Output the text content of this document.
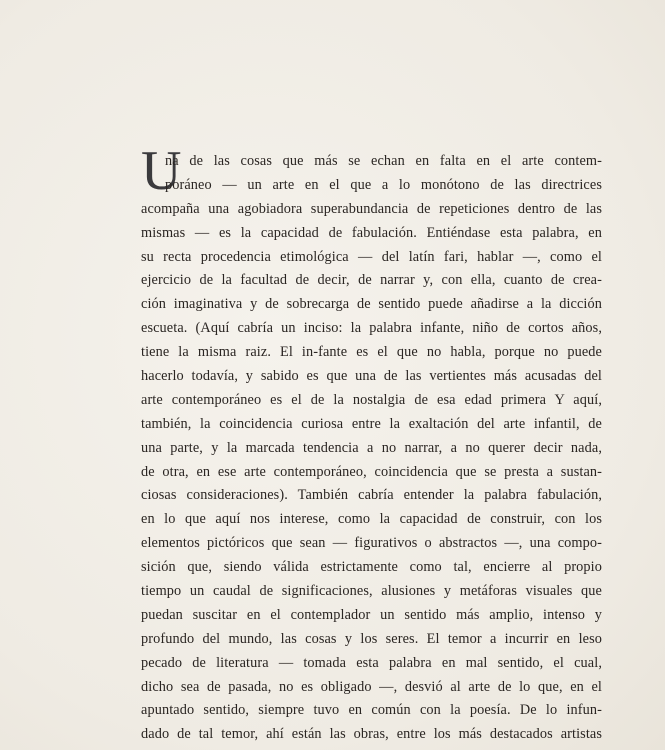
U
na de las cosas que más se echan en falta en el arte contem-
poráneo — un arte en el que a lo monótono de las directrices
acompaña una agobiadora superabundancia de repeticiones dentro de las
mismas — es la capacidad de fabulación. Entiéndase esta palabra, en
su recta procedencia etimológica — del latín fari, hablar —, como el
ejercicio de la facultad de decir, de narrar y, con ella, cuanto de crea-
ción imaginativa y de sobrecarga de sentido puede añadirse a la dicción
escueta. (Aquí cabría un inciso: la palabra infante, niño de cortos años,
tiene la misma raiz. El in-fante es el que no habla, porque no puede
hacerlo todavía, y sabido es que una de las vertientes más acusadas del
arte contemporáneo es el de la nostalgia de esa edad primera Y aquí,
también, la coincidencia curiosa entre la exaltación del arte infantil, de
una parte, y la marcada tendencia a no narrar, a no querer decir nada,
de otra, en ese arte contemporáneo, coincidencia que se presta a sustan-
ciosas consideraciones). También cabría entender la palabra fabulación,
en lo que aquí nos interese, como la capacidad de construir, con los
elementos pictóricos que sean — figurativos o abstractos —, una compo-
sición que, siendo válida estrictamente como tal, encierre al propio
tiempo un caudal de significaciones, alusiones y metáforas visuales que
puedan suscitar en el contemplador un sentido más amplio, intenso y
profundo del mundo, las cosas y los seres. El temor a incurrir en leso
pecado de literatura — tomada esta palabra en mal sentido, el cual,
dicho sea de pasada, no es obligado —, desvió al arte de lo que, en el
apuntado sentido, siempre tuvo en común con la poesía. De lo infun-
dado de tal temor, ahí están las obras, entre los más destacados artistas
